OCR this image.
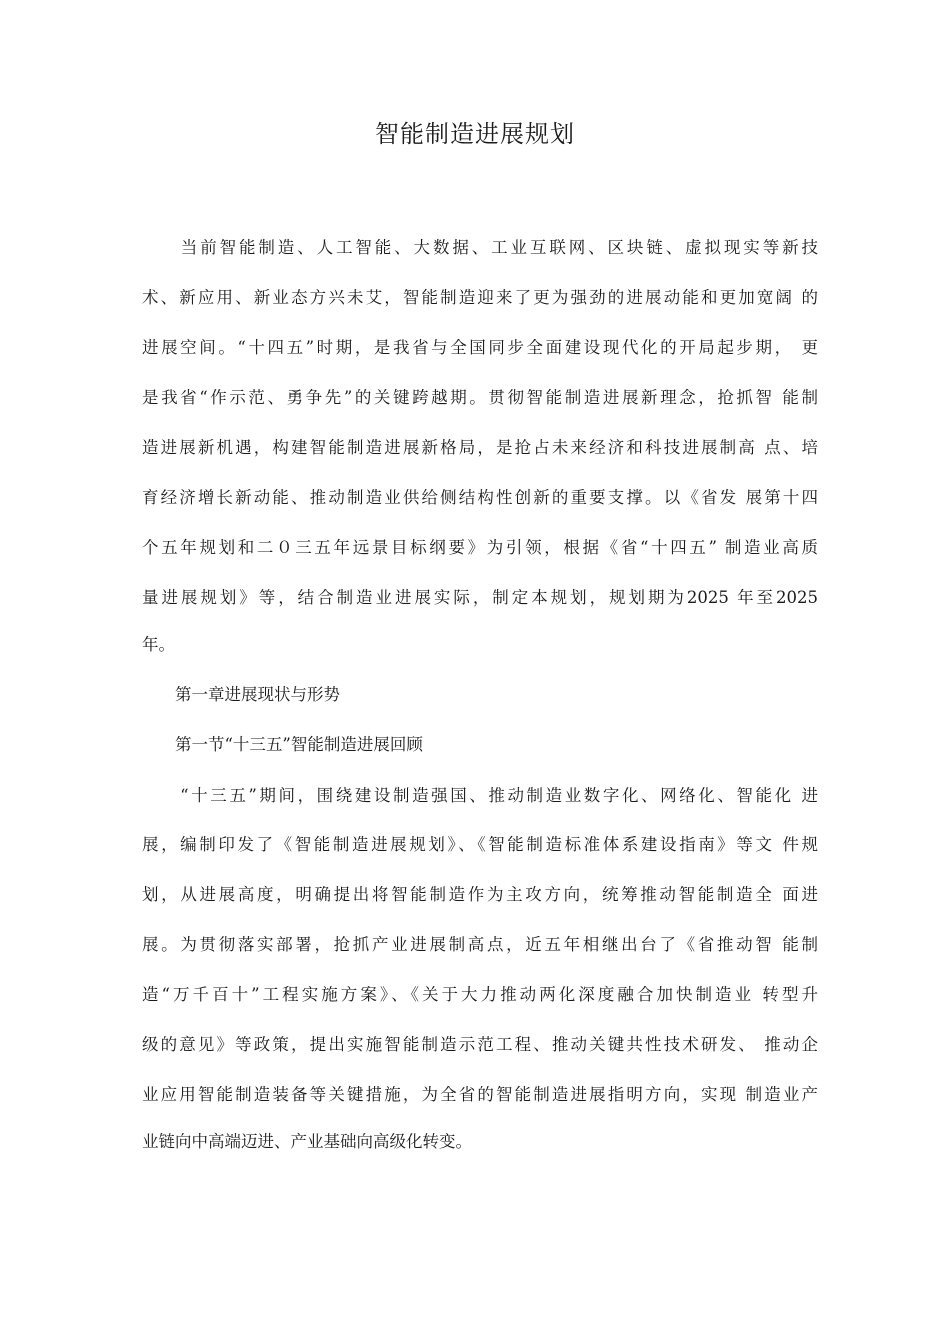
智能制造进展规划
　　当前智能制造、人工智能、大数据、工业互联网、区块链、虚拟现实等新技
术、新应用、新业态方兴未艾，智能制造迎来了更为强劲的进展动能和更加宽阔 的
进展空间。“十四五”时期，是我省与全国同步全面建设现代化的开局起步期， 更
是我省“作示范、勇争先”的关键跨越期。贯彻智能制造进展新理念，抢抓智 能制
造进展新机遇，构建智能制造进展新格局，是抢占未来经济和科技进展制高 点、培
育经济增长新动能、推动制造业供给侧结构性创新的重要支撑。以《省发 展第十四
个五年规划和二０三五年远景目标纲要》为引领，根据《省“十四五” 制造业高质
量进展规划》等，结合制造业进展实际，制定本规划，规划期为2025 年至2025
年。
　　第一章进展现状与形势
　　第一节“十三五”智能制造进展回顾
　　“十三五”期间，围绕建设制造强国、推动制造业数字化、网络化、智能化 进
展，编制印发了《智能制造进展规划》、《智能制造标准体系建设指南》等文 件规
划，从进展高度，明确提出将智能制造作为主攻方向，统筹推动智能制造全 面进
展。为贯彻落实部署，抢抓产业进展制高点，近五年相继出台了《省推动智 能制
造“万千百十”工程实施方案》、《关于大力推动两化深度融合加快制造业 转型升
级的意见》等政策，提出实施智能制造示范工程、推动关键共性技术研发、 推动企
业应用智能制造装备等关键措施，为全省的智能制造进展指明方向，实现 制造业产
业链向中高端迈进、产业基础向高级化转变。
